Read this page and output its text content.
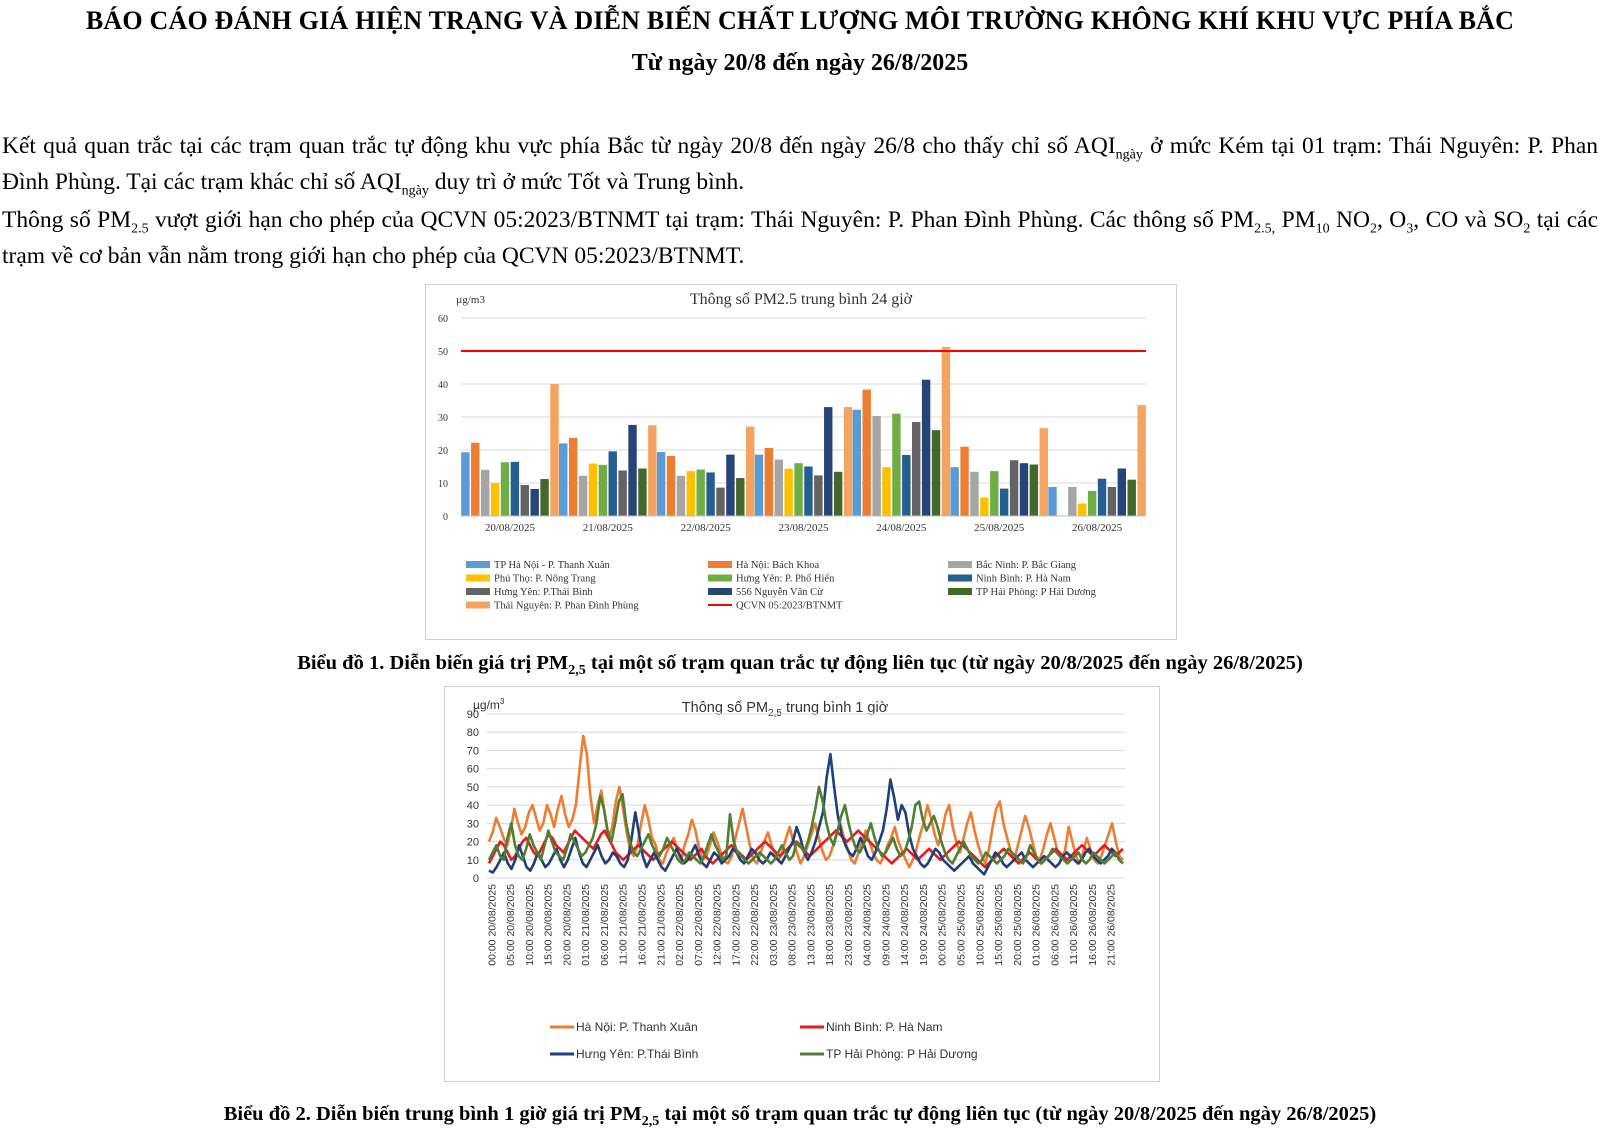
BÁO CÁO ĐÁNH GIÁ HIỆN TRẠNG VÀ DIỄN BIẾN CHẤT LƯỢNG MÔI TRƯỜNG KHÔNG KHÍ KHU VỰC PHÍA BẮC
Từ ngày 20/8 đến ngày 26/8/2025
Kết quả quan trắc tại các trạm quan trắc tự động khu vực phía Bắc từ ngày 20/8 đến ngày 26/8 cho thấy chỉ số $AQI_{ngày}$ ở mức Kém tại 01 trạm: Thái Nguyên: P. Phan Đình Phùng. Tại các trạm khác chỉ số $AQI_{ngày}$ duy trì ở mức Tốt và Trung bình.
Thông số $PM_{2.5}$ vượt giới hạn cho phép của QCVN 05:2023/BTNMT tại trạm: Thái Nguyên: P. Phan Đình Phùng. Các thông số $PM_{2.5,}$ $PM_{10}$ $NO_2$, $O_3$, CO và $SO_2$ tại các trạm về cơ bản vẫn nằm trong giới hạn cho phép của QCVN 05:2023/BTNMT.
µg/m3	Thông số PM2.5 trung bình 24 giờ
0
10
20
30
40
50
60
20/08/2025	21/08/2025	22/08/2025	23/08/2025	24/08/2025	25/08/2025	26/08/2025
TP Hà Nội - P. Thanh Xuân	Hà Nội: Bách Khoa	Bắc Ninh: P. Bắc Giang
Phú Thọ: P. Nông Trang	Hưng Yên: P. Phố Hiến	Ninh Bình: P. Hà Nam
Hưng Yên: P.Thái Bình	556 Nguyễn Văn Cừ	TP Hải Phòng: P Hải Dương
Thái Nguyên: P. Phan Đình Phùng	QCVN 05:2023/BTNMT
Biểu đồ 1. Diễn biến giá trị $PM_{2,5}$ tại một số trạm quan trắc tự động liên tục (từ ngày 20/8/2025 đến ngày 26/8/2025)
$\mu g/m^3$	Thông số $PM_{2,5}$ trung bình 1 giờ
0
10
20
30
40
50
60
70
80
90
00:00 20/08/2025 05:00 20/08/2025 10:00 20/08/2025 15:00 20/08/2025 20:00 20/08/2025 01:00 21/08/2025 06:00 21/08/2025 11:00 21/08/2025 16:00 21/08/2025 21:00 21/08/2025 02:00 22/08/2025 07:00 22/08/2025 12:00 22/08/2025 17:00 22/08/2025 22:00 22/08/2025 03:00 23/08/2025 08:00 23/08/2025 13:00 23/08/2025 18:00 23/08/2025 23:00 23/08/2025 04:00 24/08/2025 09:00 24/08/2025 14:00 24/08/2025 19:00 24/08/2025 00:00 25/08/2025 05:00 25/08/2025 10:00 25/08/2025 15:00 25/08/2025 20:00 25/08/2025 01:00 26/08/2025 06:00 26/08/2025 11:00 26/08/2025 16:00 26/08/2025 21:00 26/08/2025
Hà Nội: P. Thanh Xuân	Ninh Bình: P. Hà Nam
Hưng Yên: P.Thái Bình	TP Hải Phòng: P Hải Dương
Biểu đồ 2. Diễn biến trung bình 1 giờ giá trị $PM_{2,5}$ tại một số trạm quan trắc tự động liên tục (từ ngày 20/8/2025 đến ngày 26/8/2025)
